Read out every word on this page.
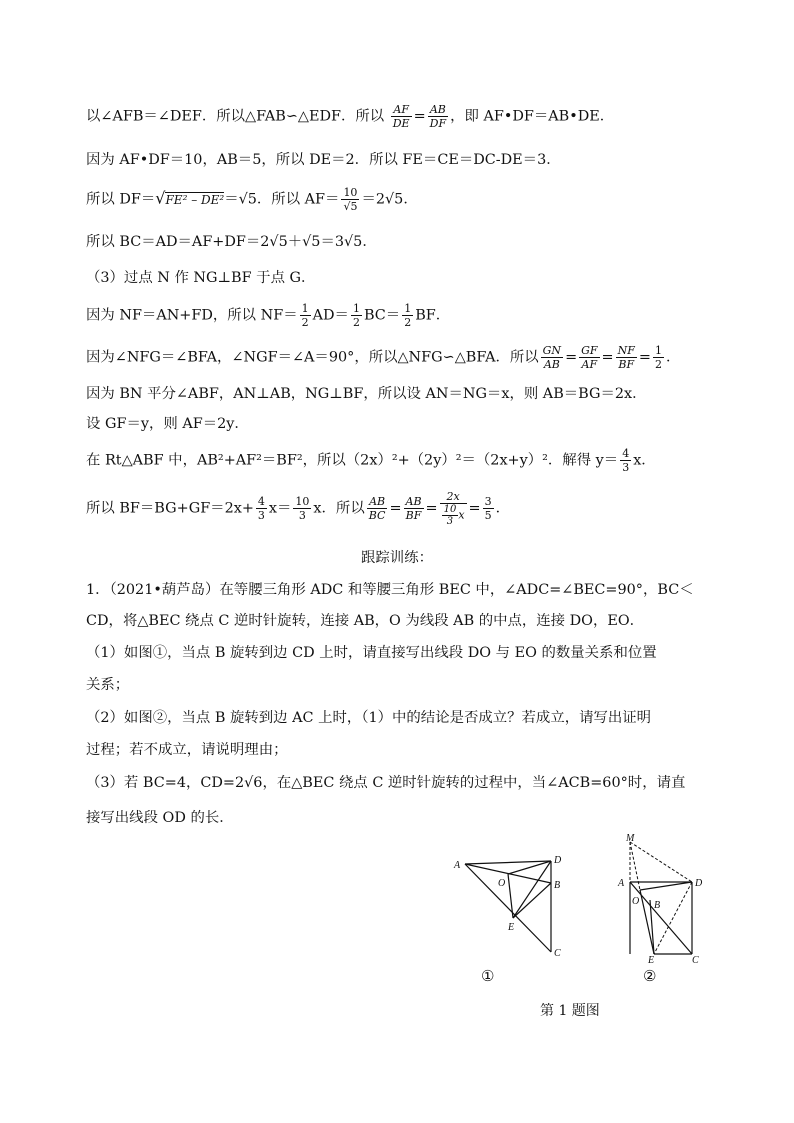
以∠AFB＝∠DEF．所以△FAB∽△EDF．所以 $\frac{AF}{DE} = \frac{AB}{DF}$ ，即 AF•DF＝AB•DE．
因为 AF•DF＝10，AB＝5，所以 DE＝2．所以 FE＝CE＝DC-DE＝3．
所以 DF＝√FE² – DE²＝√5．所以 $AF= \frac{10}{√5} =2√5$．
所以 BC＝AD＝AF+DF＝2√5＋√5＝3√5．
（3）过点 N 作 NG⊥BF 于点 G．
因为 NF＝AN+FD，所以 $NF= \frac{1}{2} AD= \frac{1}{2} BC= \frac{1}{2}$ BF．
因为∠NFG＝∠BFA，∠NGF＝∠A＝90°，所以△NFG∽△BFA．所以 $\frac{GN}{AB} = \frac{GF}{AF} = \frac{NF}{BF} = \frac{1}{2}$ ．
因为 BN 平分∠ABF，AN⊥AB，NG⊥BF，所以设 AN＝NG＝x，则 AB＝BG＝2x．
设 GF＝y，则 AF＝2y．
在 Rt△ABF 中，AB²+AF²＝BF²，所以（2x）²+（2y）²＝（2x+y）²．解得 $y= \frac{4}{3}$ x．
所以 $BF=BG+GF=2x+ \frac{4}{3} x= \frac{10}{3}$ x．所以 $\frac{AB}{BC} = \frac{AB}{BF} = \frac{2x}{\frac{10}{3} x} = \frac{3}{5}$ ．
跟踪训练：
1．（2021•葫芦岛）在等腰三角形 ADC 和等腰三角形 BEC 中，∠ADC=∠BEC=90°，BC＜
CD，将△BEC 绕点 C 逆时针旋转，连接 AB，O 为线段 AB 的中点，连接 DO，EO．
（1）如图①，当点 B 旋转到边 CD 上时，请直接写出线段 DO 与 EO 的数量关系和位置
关系；
（2）如图②，当点 B 旋转到边 AC 上时，（1）中的结论是否成立？若成立，请写出证明
过程；若不成立，请说明理由；
（3）若 BC=4，CD=2√6，在△BEC 绕点 C 逆时针旋转的过程中，当∠ACB=60°时，请直
接写出线段 OD 的长．
A	D
B
O
E
C
①
M
A	D
O B
E	C
②
第 1 题图
